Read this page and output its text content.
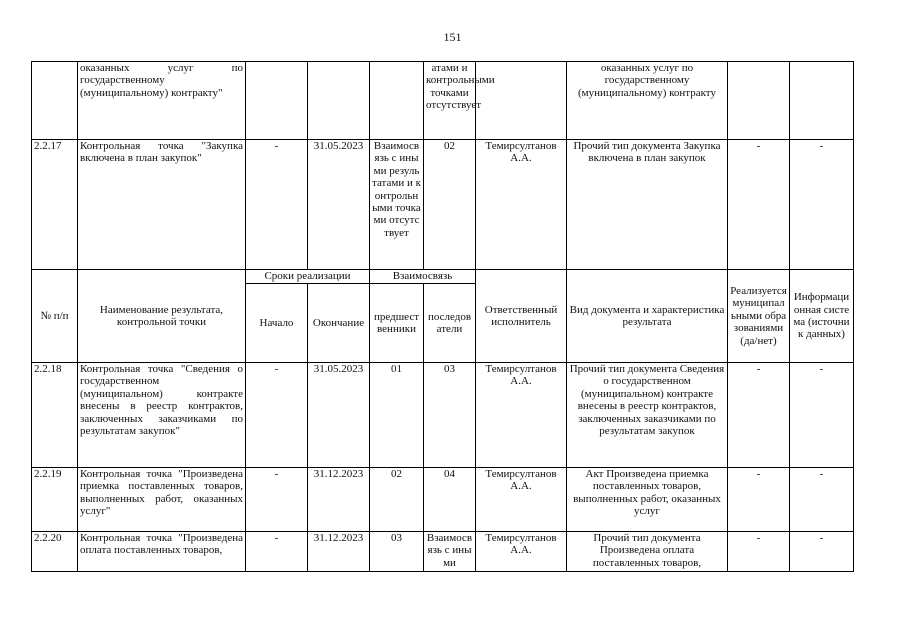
151
	оказанных услуг по государственному (муниципальному) контракту"				атами и контрольными точками отсутствует		оказанных услуг по государственному (муниципальному) контракту		
2.2.17	Контрольная точка "Закупка включена в план закупок"	-	31.05.2023	Взаимосвязь с иными результатами и контрольными точками отсутствует	02	Темирсултанов А.А.	Прочий тип документа Закупка включена в план закупок	-	-
№ п/п	Наименование результата, контрольной точки	Сроки реализации		Взаимосвязь		Ответственный исполнитель	Вид документа и характеристика результата	Реализуется муниципальными образованиями (да/нет)	Информационная система (источник данных)
		Начало	Окончание	предшест венники	последов атели				
2.2.18	Контрольная точка "Сведения о государственном (муниципальном) контракте внесены в реестр контрактов, заключенных заказчиками по результатам закупок"	-	31.05.2023	01	03	Темирсултанов А.А.	Прочий тип документа Сведения о государственном (муниципальном) контракте внесены в реестр контрактов, заключенных заказчиками по результатам закупок	-	-
2.2.19	Контрольная точка "Произведена приемка поставленных товаров, выполненных работ, оказанных услуг"	-	31.12.2023	02	04	Темирсултанов А.А.	Акт Произведена приемка поставленных товаров, выполненных работ, оказанных услуг	-	-
2.2.20	Контрольная точка "Произведена оплата поставленных товаров,	-	31.12.2023	03	Взаимосвязь с иными	Темирсултанов А.А.	Прочий тип документа Произведена оплата поставленных товаров,	-	-
